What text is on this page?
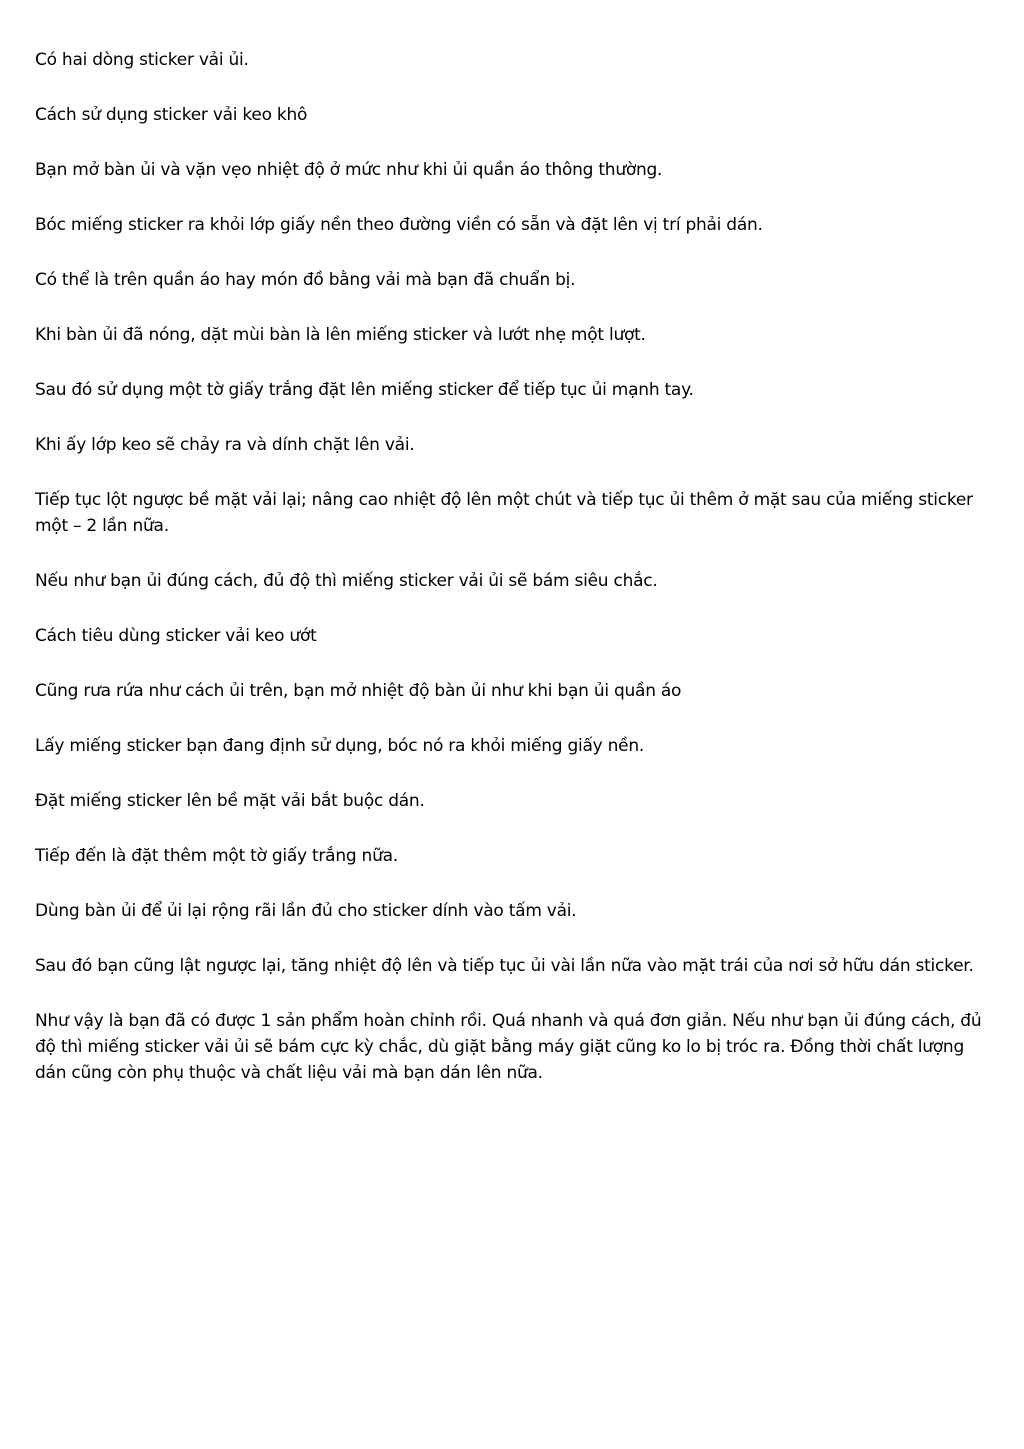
Có hai dòng sticker vải ủi.

Cách sử dụng sticker vải keo khô

Bạn mở bàn ủi và vặn vẹo nhiệt độ ở mức như khi ủi quần áo thông thường.

Bóc miếng sticker ra khỏi lớp giấy nền theo đường viền có sẵn và đặt lên vị trí phải dán.

Có thể là trên quần áo hay món đồ bằng vải mà bạn đã chuẩn bị.

Khi bàn ủi đã nóng, dặt mùi bàn là lên miếng sticker và lướt nhẹ một lượt.

Sau đó sử dụng một tờ giấy trắng đặt lên miếng sticker để tiếp tục ủi mạnh tay.

Khi ấy lớp keo sẽ chảy ra và dính chặt lên vải.

Tiếp tục lột ngược bề mặt vải lại; nâng cao nhiệt độ lên một chút và tiếp tục ủi thêm ở mặt sau của miếng sticker một – 2 lần nữa.

Nếu như bạn ủi đúng cách, đủ độ thì miếng sticker vải ủi sẽ bám siêu chắc.

Cách tiêu dùng sticker vải keo ướt

Cũng rưa rứa như cách ủi trên, bạn mở nhiệt độ bàn ủi như khi bạn ủi quần áo

Lấy miếng sticker bạn đang định sử dụng, bóc nó ra khỏi miếng giấy nền.

Đặt miếng sticker lên bề mặt vải bắt buộc dán.

Tiếp đến là đặt thêm một tờ giấy trắng nữa.

Dùng bàn ủi để ủi lại rộng rãi lần đủ cho sticker dính vào tấm vải.

Sau đó bạn cũng lật ngược lại, tăng nhiệt độ lên và tiếp tục ủi vài lần nữa vào mặt trái của nơi sở hữu dán sticker.

Như vậy là bạn đã có được 1 sản phẩm hoàn chỉnh rồi. Quá nhanh và quá đơn giản. Nếu như bạn ủi đúng cách, đủ độ thì miếng sticker vải ủi sẽ bám cực kỳ chắc, dù giặt bằng máy giặt cũng ko lo bị tróc ra. Đồng thời chất lượng dán cũng còn phụ thuộc và chất liệu vải mà bạn dán lên nữa.
